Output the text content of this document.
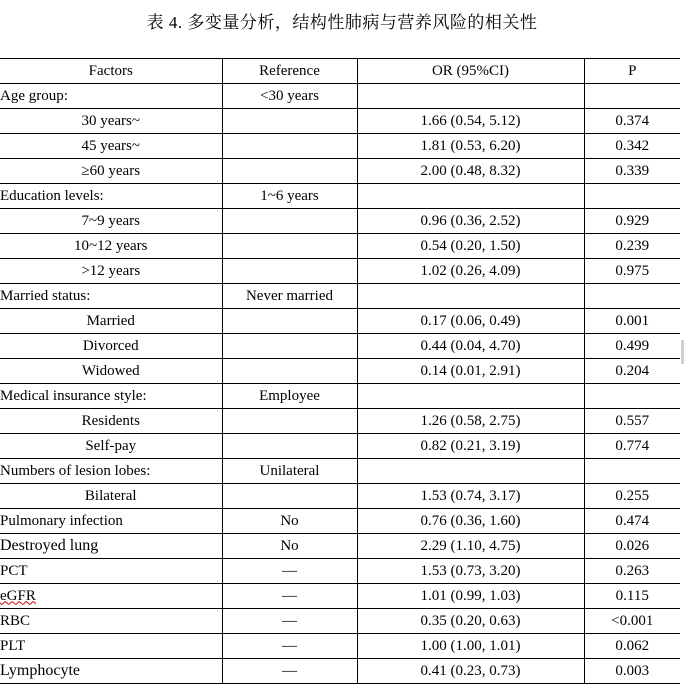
表 4. 多变量分析，结构性肺病与营养风险的相关性
Factors	Reference	OR (95%CI)	P
Age group:	<30 years		
30 years~		1.66 (0.54, 5.12)	0.374
45 years~		1.81 (0.53, 6.20)	0.342
≥60 years		2.00 (0.48, 8.32)	0.339
Education levels:	1~6 years		
7~9 years		0.96 (0.36, 2.52)	0.929
10~12 years		0.54 (0.20, 1.50)	0.239
>12 years		1.02 (0.26, 4.09)	0.975
Married status:	Never married		
Married		0.17 (0.06, 0.49)	0.001
Divorced		0.44 (0.04, 4.70)	0.499
Widowed		0.14 (0.01, 2.91)	0.204
Medical insurance style:	Employee		
Residents		1.26 (0.58, 2.75)	0.557
Self-pay		0.82 (0.21, 3.19)	0.774
Numbers of lesion lobes:	Unilateral		
Bilateral		1.53 (0.74, 3.17)	0.255
Pulmonary infection	No	0.76 (0.36, 1.60)	0.474
Destroyed lung	No	2.29 (1.10, 4.75)	0.026
PCT	—	1.53 (0.73, 3.20)	0.263
eGFR	—	1.01 (0.99, 1.03)	0.115
RBC	—	0.35 (0.20, 0.63)	<0.001
PLT	—	1.00 (1.00, 1.01)	0.062
Lymphocyte	—	0.41 (0.23, 0.73)	0.003
